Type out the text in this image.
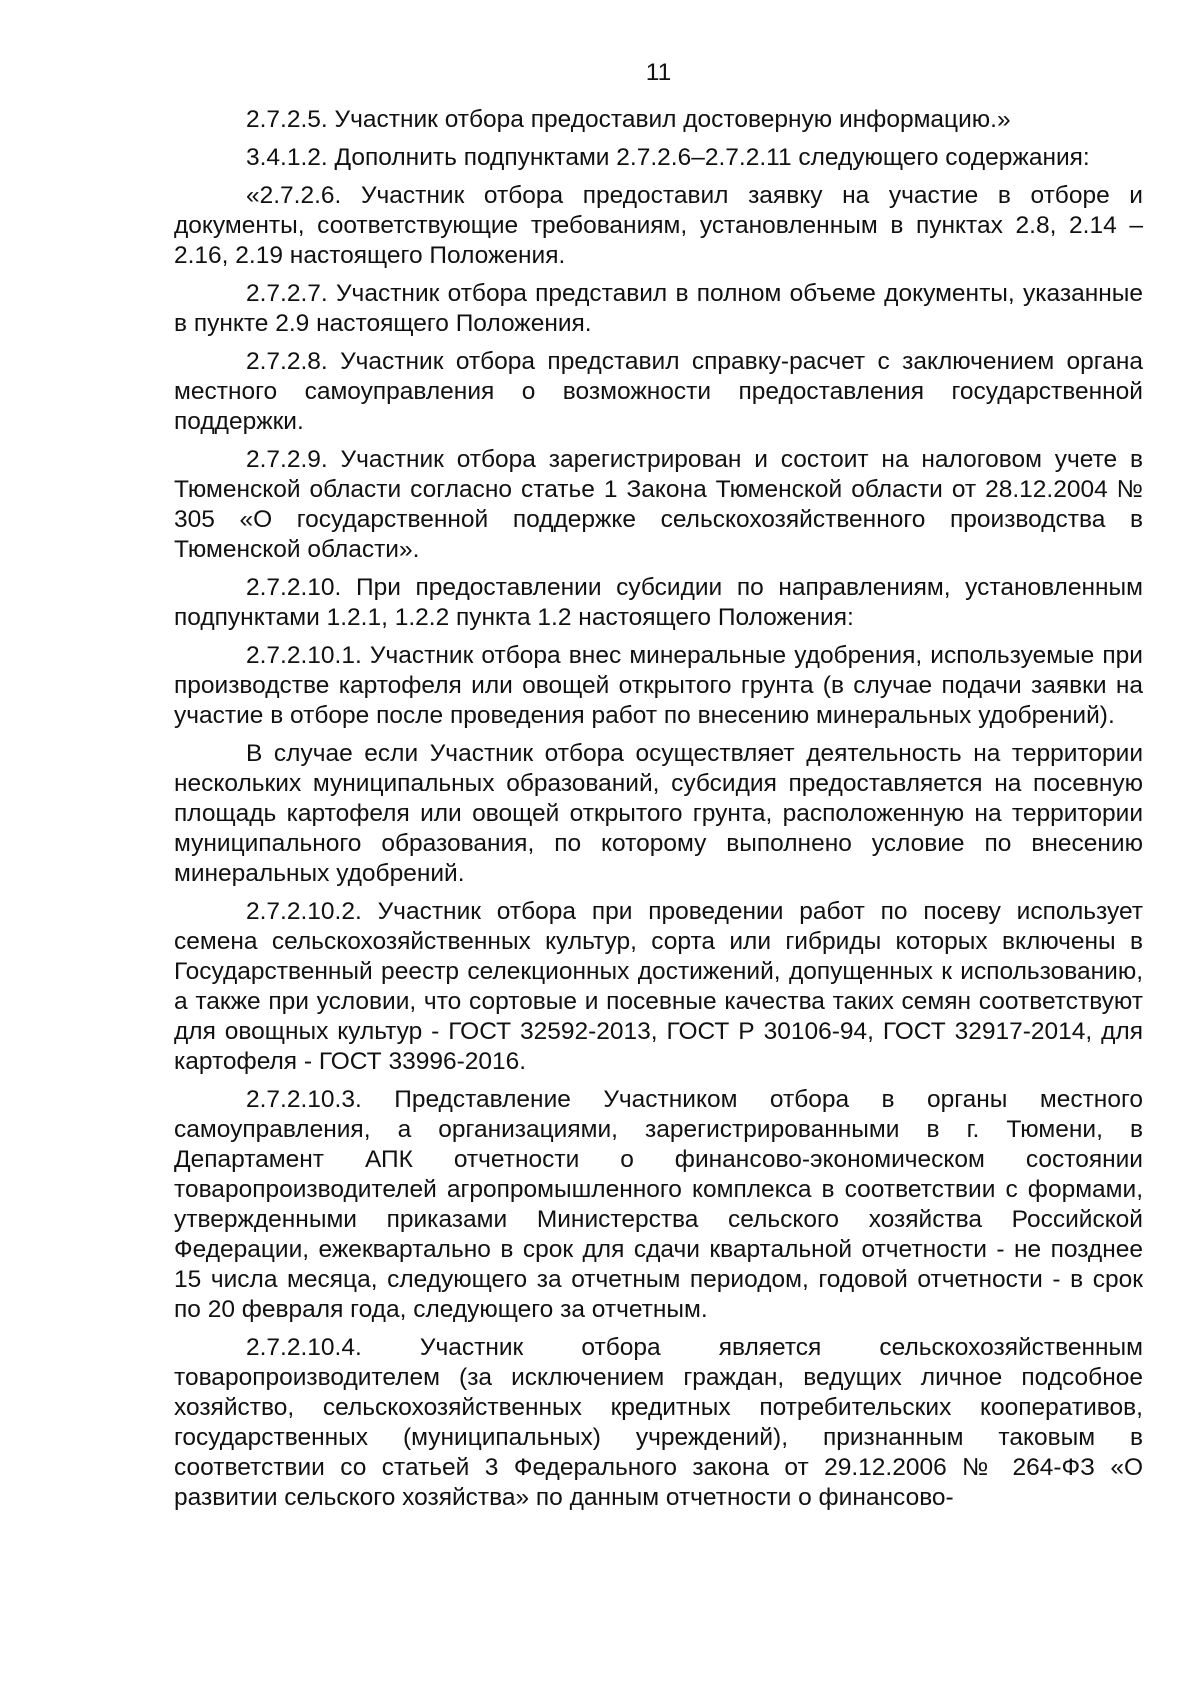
11

2.7.2.5. Участник отбора предоставил достоверную информацию.»

3.4.1.2. Дополнить подпунктами 2.7.2.6–2.7.2.11 следующего содержания:

«2.7.2.6. Участник отбора предоставил заявку на участие в отборе и документы, соответствующие требованиям, установленным в пунктах 2.8, 2.14 –2.16, 2.19 настоящего Положения.

2.7.2.7. Участник отбора представил в полном объеме документы, указанные в пункте 2.9 настоящего Положения.

2.7.2.8. Участник отбора представил справку-расчет с заключением органа местного самоуправления о возможности предоставления государственной поддержки.

2.7.2.9. Участник отбора зарегистрирован и состоит на налоговом учете в Тюменской области согласно статье 1 Закона Тюменской области от 28.12.2004 № 305 «О государственной поддержке сельскохозяйственного производства в Тюменской области».

2.7.2.10. При предоставлении субсидии по направлениям, установленным подпунктами 1.2.1, 1.2.2 пункта 1.2 настоящего Положения:

2.7.2.10.1. Участник отбора внес минеральные удобрения, используемые при производстве картофеля или овощей открытого грунта (в случае подачи заявки на участие в отборе после проведения работ по внесению минеральных удобрений).

В случае если Участник отбора осуществляет деятельность на территории нескольких муниципальных образований, субсидия предоставляется на посевную площадь картофеля или овощей открытого грунта, расположенную на территории муниципального образования, по которому выполнено условие по внесению минеральных удобрений.

2.7.2.10.2. Участник отбора при проведении работ по посеву использует семена сельскохозяйственных культур, сорта или гибриды которых включены в Государственный реестр селекционных достижений, допущенных к использованию, а также при условии, что сортовые и посевные качества таких семян соответствуют для овощных культур - ГОСТ 32592-2013, ГОСТ Р 30106-94, ГОСТ 32917-2014, для картофеля - ГОСТ 33996-2016.

2.7.2.10.3. Представление Участником отбора в органы местного самоуправления, а организациями, зарегистрированными в г. Тюмени, в Департамент АПК отчетности о финансово-экономическом состоянии товаропроизводителей агропромышленного комплекса в соответствии с формами, утвержденными приказами Министерства сельского хозяйства Российской Федерации, ежеквартально в срок для сдачи квартальной отчетности - не позднее 15 числа месяца, следующего за отчетным периодом, годовой отчетности - в срок по 20 февраля года, следующего за отчетным.

2.7.2.10.4. Участник отбора является сельскохозяйственным товаропроизводителем (за исключением граждан, ведущих личное подсобное хозяйство, сельскохозяйственных кредитных потребительских кооперативов, государственных (муниципальных) учреждений), признанным таковым в соответствии со статьей 3 Федерального закона от 29.12.2006 № 264-ФЗ «О развитии сельского хозяйства» по данным отчетности о финансово-
